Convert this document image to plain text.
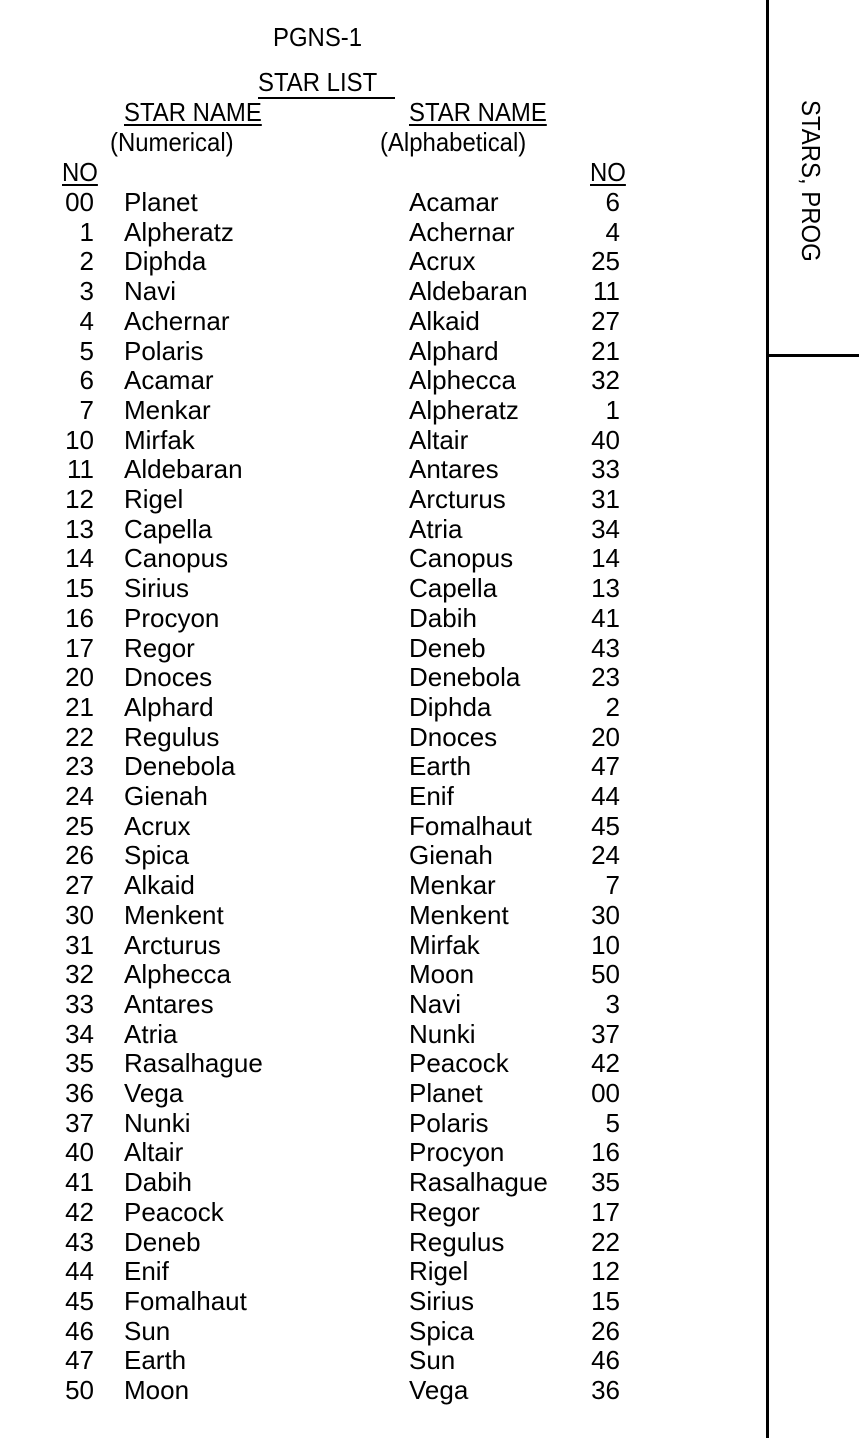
PGNS-1
STAR LIST
STAR NAME	STAR NAME
(Numerical)	(Alphabetical)
NO	NO
00 Planet	Acamar	6
1 Alpheratz	Achernar	4
2 Diphda	Acrux	25
3 Navi	Aldebaran	11
4 Achernar	Alkaid	27
5 Polaris	Alphard	21
6 Acamar	Alphecca	32
7 Menkar	Alpheratz	1
10 Mirfak	Altair	40
11 Aldebaran	Antares	33
12 Rigel	Arcturus	31
13 Capella	Atria	34
14 Canopus	Canopus	14
15 Sirius	Capella	13
16 Procyon	Dabih	41
17 Regor	Deneb	43
20 Dnoces	Denebola	23
21 Alphard	Diphda	2
22 Regulus	Dnoces	20
23 Denebola	Earth	47
24 Gienah	Enif	44
25 Acrux	Fomalhaut 45
26 Spica	Gienah	24
27 Alkaid	Menkar	7
30 Menkent	Menkent	30
31 Arcturus	Mirfak	10
32 Alphecca	Moon	50
33 Antares	Navi	3
34 Atria	Nunki	37
35 Rasalhague	Peacock	42
36 Vega	Planet	00
37 Nunki	Polaris	5
40 Altair	Procyon	16
41 Dabih	Rasalhague 35
42 Peacock	Regor	17
43 Deneb	Regulus	22
44 Enif	Rigel	12
45 Fomalhaut	Sirius	15
46 Sun	Spica	26
47 Earth	Sun	46
50 Moon	Vega	36
STARS, PROG
